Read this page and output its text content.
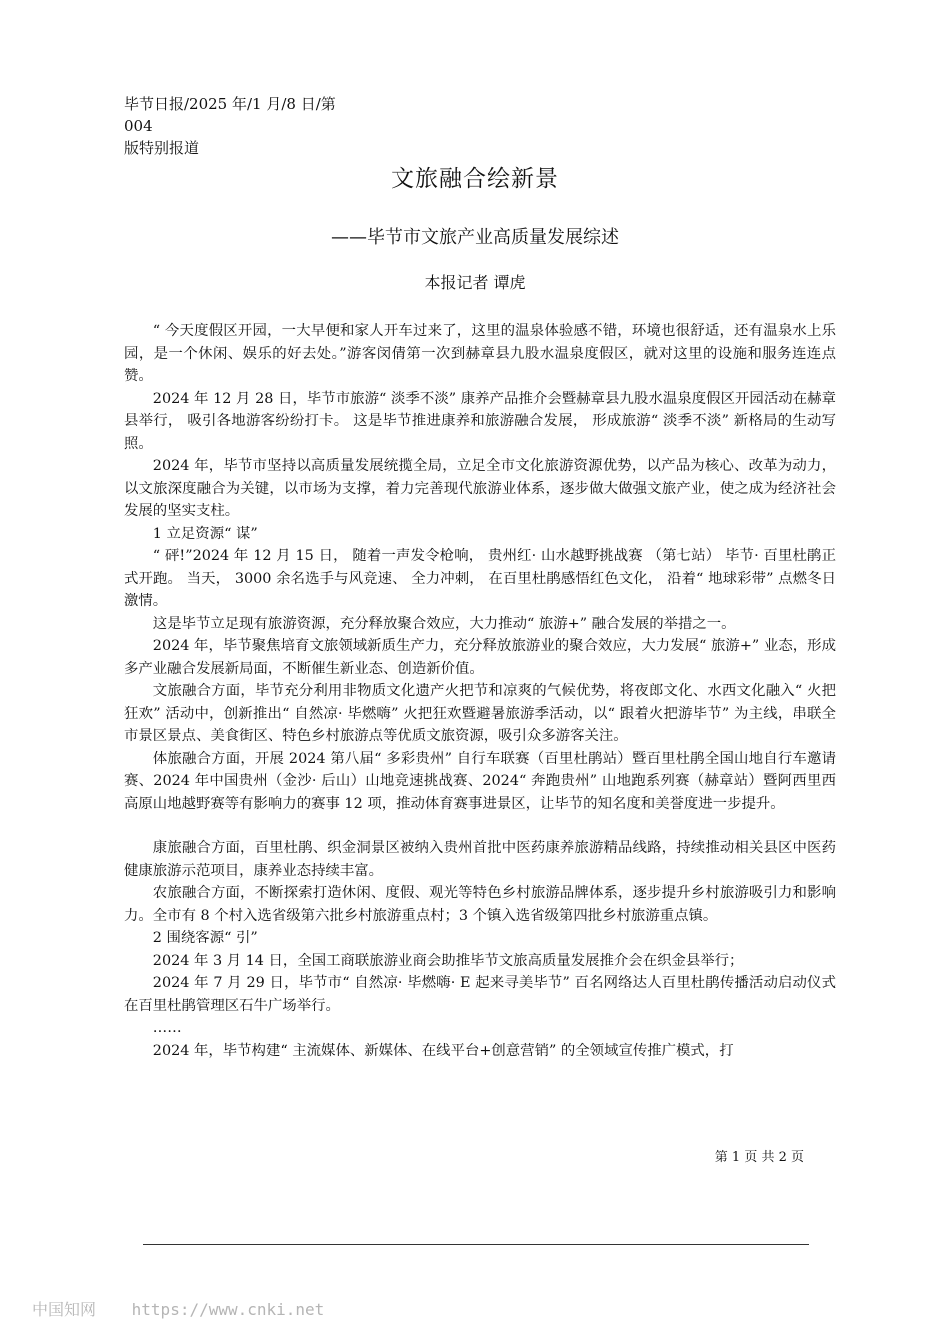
毕节日报/2025 年/1 月/8 日/第 004
版特别报道
文旅融合绘新景
——毕节市文旅产业高质量发展综述
本报记者 谭虎

“ 今天度假区开园，一大早便和家人开车过来了，这里的温泉体验感不错，环境也很舒适，还有温泉水上乐园，是一个休闲、娱乐的好去处。”游客闵倩第一次到赫章县九股水温泉度假区，就对这里的设施和服务连连点赞。

2024 年 12 月 28 日，毕节市旅游“ 淡季不淡” 康养产品推介会暨赫章县九股水温泉度假区开园活动在赫章县举行， 吸引各地游客纷纷打卡。 这是毕节推进康养和旅游融合发展， 形成旅游“ 淡季不淡” 新格局的生动写照。

2024 年，毕节市坚持以高质量发展统揽全局，立足全市文化旅游资源优势，以产品为核心、改革为动力，以文旅深度融合为关键，以市场为支撑，着力完善现代旅游业体系，逐步做大做强文旅产业，使之成为经济社会发展的坚实支柱。

1 立足资源“ 谋”

“ 砰!”2024 年 12 月 15 日， 随着一声发令枪响， 贵州红· 山水越野挑战赛 （第七站） 毕节· 百里杜鹃正式开跑。 当天， 3000 余名选手与风竞速、 全力冲刺， 在百里杜鹃感悟红色文化， 沿着“ 地球彩带” 点燃冬日激情。

这是毕节立足现有旅游资源，充分释放聚合效应，大力推动“ 旅游+” 融合发展的举措之一。

2024 年，毕节聚焦培育文旅领域新质生产力，充分释放旅游业的聚合效应，大力发展“ 旅游+” 业态，形成多产业融合发展新局面，不断催生新业态、创造新价值。

文旅融合方面，毕节充分利用非物质文化遗产火把节和凉爽的气候优势，将夜郎文化、水西文化融入“ 火把狂欢” 活动中，创新推出“ 自然凉· 毕燃嗨” 火把狂欢暨避暑旅游季活动，以“ 跟着火把游毕节” 为主线，串联全市景区景点、美食街区、特色乡村旅游点等优质文旅资源，吸引众多游客关注。

体旅融合方面，开展 2024 第八届“ 多彩贵州” 自行车联赛（百里杜鹃站）暨百里杜鹃全国山地自行车邀请赛、2024 年中国贵州（金沙· 后山）山地竞速挑战赛、2024“ 奔跑贵州” 山地跑系列赛（赫章站）暨阿西里西高原山地越野赛等有影响力的赛事 12 项，推动体育赛事进景区，让毕节的知名度和美誉度进一步提升。

康旅融合方面，百里杜鹃、织金洞景区被纳入贵州首批中医药康养旅游精品线路，持续推动相关县区中医药健康旅游示范项目，康养业态持续丰富。

农旅融合方面，不断探索打造休闲、度假、观光等特色乡村旅游品牌体系，逐步提升乡村旅游吸引力和影响力。全市有 8 个村入选省级第六批乡村旅游重点村；3 个镇入选省级第四批乡村旅游重点镇。

2 围绕客源“ 引”

2024 年 3 月 14 日，全国工商联旅游业商会助推毕节文旅高质量发展推介会在织金县举行；

2024 年 7 月 29 日，毕节市“ 自然凉· 毕燃嗨· E 起来寻美毕节” 百名网络达人百里杜鹃传播活动启动仪式在百里杜鹃管理区石牛广场举行。

……

2024 年，毕节构建“ 主流媒体、新媒体、在线平台+创意营销” 的全领域宣传推广模式，打

第 1 页 共 2 页
中国知网 https://www.cnki.net
